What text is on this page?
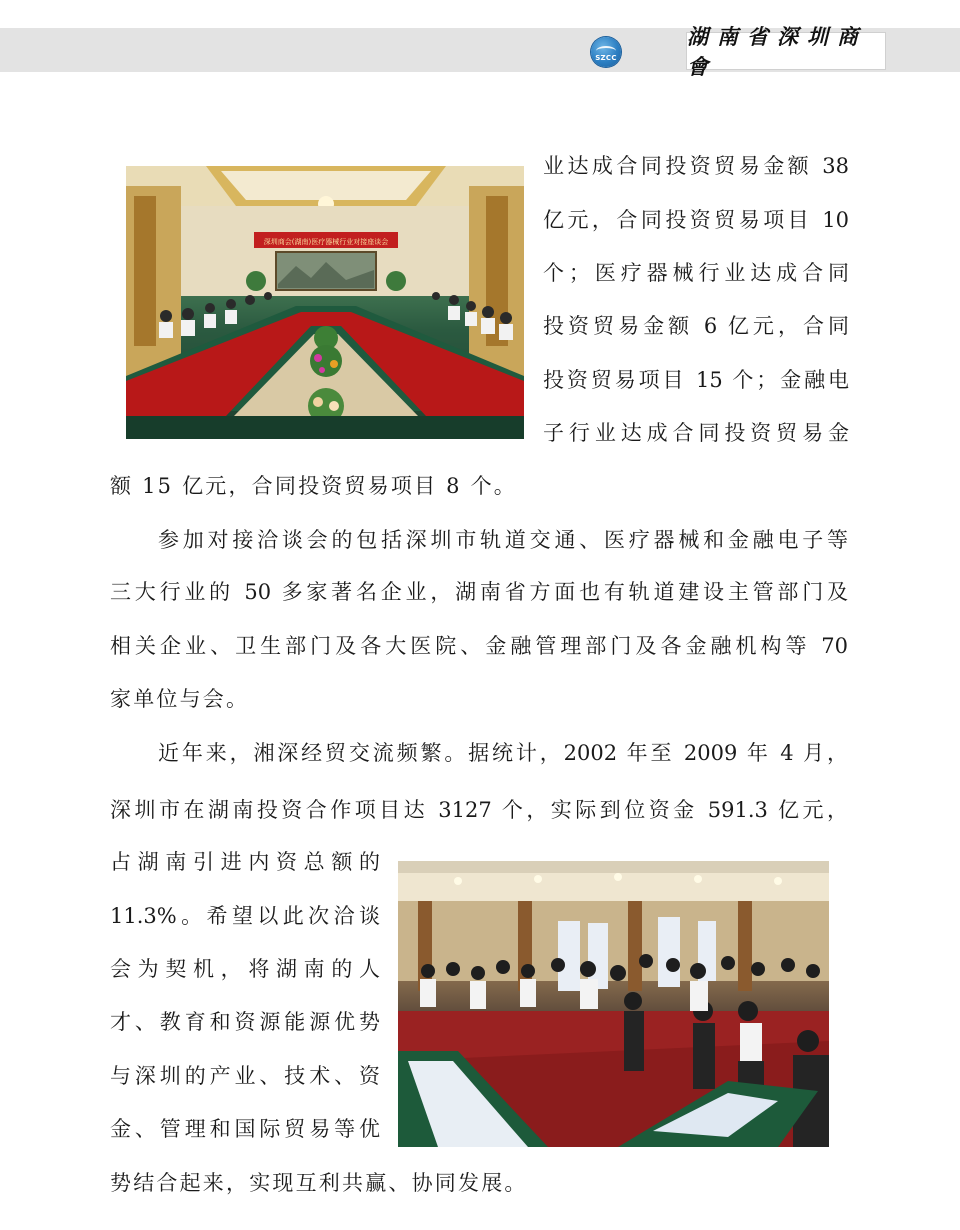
SZCC
湖南省深圳商會
深圳商会(湖南)医疗器械行业对接座谈会
业达成合同投资贸易金额 38
亿元，合同投资贸易项目 10
个；医疗器械行业达成合同
投资贸易金额 6 亿元，合同
投资贸易项目 15 个；金融电
子行业达成合同投资贸易金
额 15 亿元，合同投资贸易项目 8 个。
参加对接洽谈会的包括深圳市轨道交通、医疗器械和金融电子等
三大行业的 50 多家著名企业，湖南省方面也有轨道建设主管部门及
相关企业、卫生部门及各大医院、金融管理部门及各金融机构等 70
家单位与会。
近年来，湘深经贸交流频繁。据统计，2002 年至 2009 年 4 月，
深圳市在湖南投资合作项目达 3127 个，实际到位资金 591.3 亿元，
占湖南引进内资总额的
11.3%。希望以此次洽谈
会为契机，将湖南的人
才、教育和资源能源优势
与深圳的产业、技术、资
金、管理和国际贸易等优
势结合起来，实现互利共赢、协同发展。
